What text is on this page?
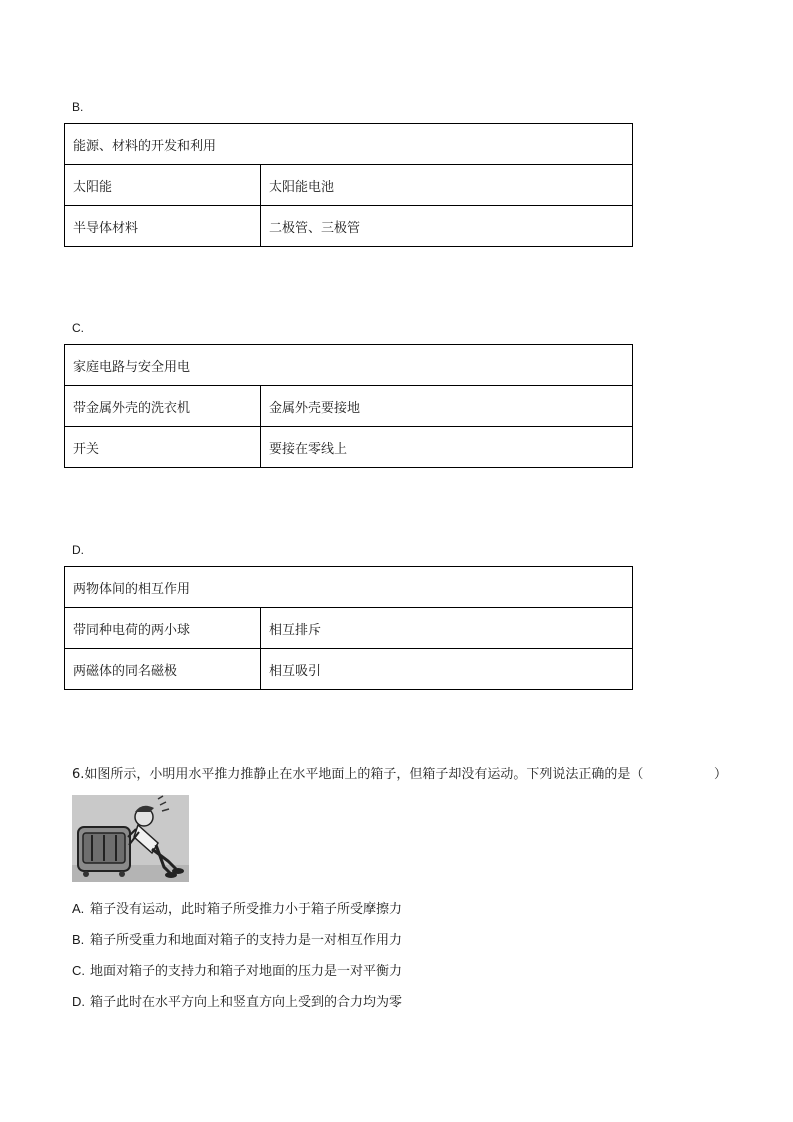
B.
能源、材料的开发和利用	
太阳能	太阳能电池
半导体材料	二极管、三极管
C.
家庭电路与安全用电	
带金属外壳的洗衣机	金属外壳要接地
开关	要接在零线上
D.
两物体间的相互作用	
带同种电荷的两小球	相互排斥
两磁体的同名磁极	相互吸引
6.如图所示，小明用水平推力推静止在水平地面上的箱子，但箱子却没有运动。下列说法正确的是（	）
A. 箱子没有运动，此时箱子所受推力小于箱子所受摩擦力
B. 箱子所受重力和地面对箱子的支持力是一对相互作用力
C. 地面对箱子的支持力和箱子对地面的压力是一对平衡力
D. 箱子此时在水平方向上和竖直方向上受到的合力均为零
